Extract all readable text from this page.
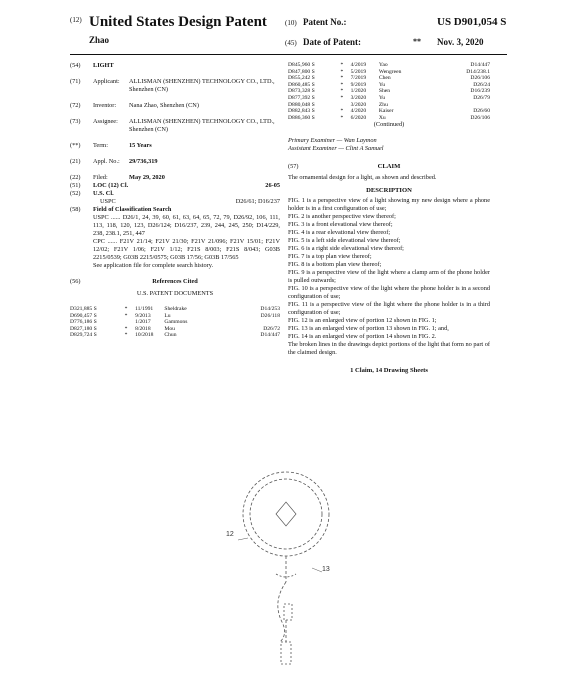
(12) United States Design Patent
Zhao
(10) Patent No.:	US D901,054 S
(45) Date of Patent:	** Nov. 3, 2020
(54)	LIGHT

(71)	Applicant: ALLISMAN (SHENZHEN) TECHNOLOGY CO., LTD., Shenzhen (CN)
(72)	Inventor: Nana Zhao, Shenzhen (CN)
(73)	Assignee: ALLISMAN (SHENZHEN) TECHNOLOGY CO., LTD., Shenzhen (CN)
(**)	Term:	15 Years
(21)	Appl. No.: 29/736,319
(22)	Filed:	May 29, 2020
(51)	LOC (12) Cl.	26-05
(52)	U.S. Cl.

USPC	D26/61; D16/237
(58)	Field of Classification Search

USPC ...... D26/1, 24, 39, 60, 61, 63, 64, 65, 72, 79, D26/92, 106, 111, 113, 118, 120, 123, D26/124; D16/237, 239, 244, 245, 250; D14/229, 238, 238.1, 251, 447
CPC ...... F21V 21/14; F21V 21/30; F21V 21/096; F21V 15/01; F21V 12/02; F21V 1/06; F21V 1/12; F21S 8/003; F21S 8/043; G03B 2215/0539; G03B 2215/0575; G03B 17/56; G03B 17/565
See application file for complete search history.
(56)	References Cited
U.S. PATENT DOCUMENTS
D321,885 S	*	11/1991	Sheldrake	D14/253
D690,457 S	*	9/2013	Lu	D26/118
D776,186 S		1/2017	Gammons	
D827,180 S	*	8/2018	Mou	D26/72
D829,724 S	*	10/2018	Chun	D14/447
D845,960 S	*	4/2019	Yao	D14/447
D847,800 S	*	5/2019	Wengreen	D14/238.1
D855,242 S	*	7/2019	Chen	D26/106
D860,485 S	*	9/2019	Yu	D26/24
D873,328 S	*	1/2020	Shen	D16/239
D877,392 S	*	3/2020	Yu	D26/79
D880,048 S		3/2020	Zhu	
D882,843 S	*	4/2020	Kaiser	D26/60
D886,360 S	*	6/2020	Xu	D26/106
(Continued)
Primary Examiner — Wan Laymon
Assistant Examiner — Clint A Samuel
(57)	CLAIM
The ornamental design for a light, as shown and described.
DESCRIPTION

FIG. 1 is a perspective view of a light showing my new design where a phone holder is in a first configuration of use;

FIG. 2 is another perspective view thereof;

FIG. 3 is a front elevational view thereof;

FIG. 4 is a rear elevational view thereof;

FIG. 5 is a left side elevational view thereof;

FIG. 6 is a right side elevational view thereof;

FIG. 7 is a top plan view thereof;

FIG. 8 is a bottom plan view thereof;

FIG. 9 is a perspective view of the light where a clamp arm of the phone holder is pulled outwards;

FIG. 10 is a perspective view of the light where the phone holder is in a second configuration of use;

FIG. 11 is a perspective view of the light where the phone holder is in a third configuration of use;

FIG. 12 is an enlarged view of portion 12 shown in FIG. 1;

FIG. 13 is an enlarged view of portion 13 shown in FIG. 1; and,

FIG. 14 is an enlarged view of portion 14 shown in FIG. 2.

The broken lines in the drawings depict portions of the light that form no part of the claimed design.

1 Claim, 14 Drawing Sheets
12
13
